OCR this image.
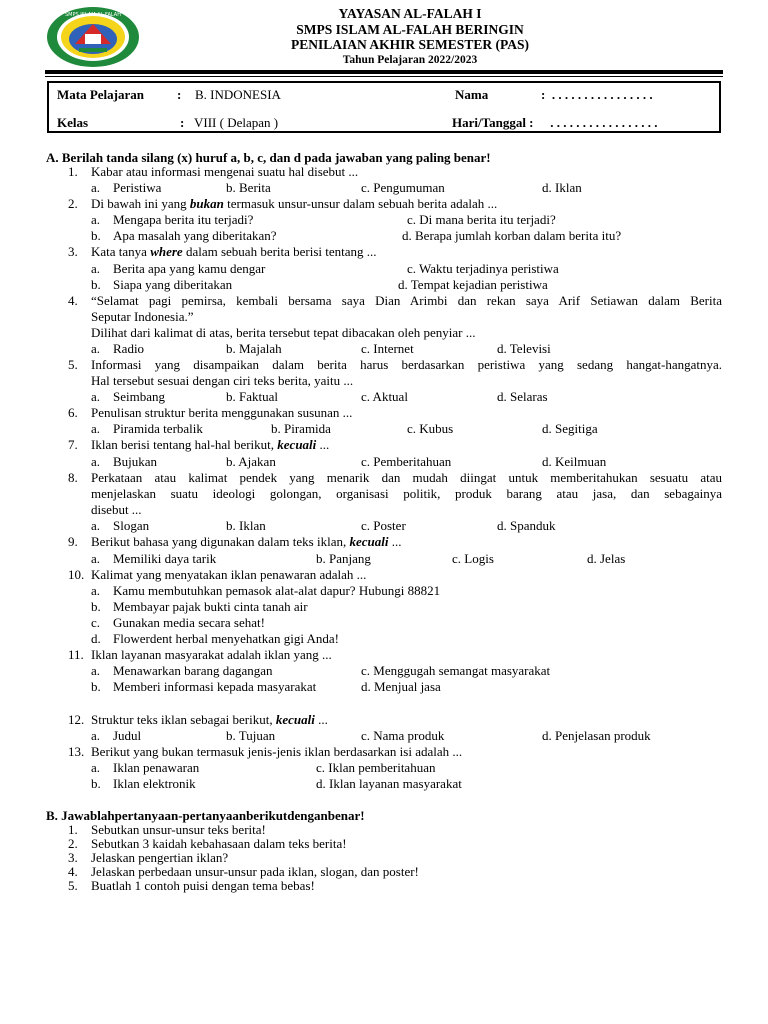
SMPS ISLAM AL-FALAH	YAYASAN AL-FALAH I
SMPS ISLAM AL-FALAH BERINGIN
PENILAIAN AKHIR SEMESTER (PAS)
Tahun Pelajaran 2022/2023
Mata Pelajaran	: B. INDONESIA	Nama	:  . . . . . . . . . . . . . . . .
Kelas	: VIII ( Delapan )	Hari/Tanggal : . . . . . . . . . . . . . . . . .
A. Berilah tanda silang (x) huruf a, b, c, dan d pada jawaban yang paling benar!
1. Kabar atau informasi mengenai suatu hal disebut ...
a. Peristiwa	b. Berita	c. Pengumuman	d. Iklan
2. Di bawah ini yang bukan termasuk unsur-unsur dalam sebuah berita adalah ...
a. Mengapa berita itu terjadi?	c. Di mana berita itu terjadi?
b. Apa masalah yang diberitakan?	d. Berapa jumlah korban dalam berita itu?
3. Kata tanya where dalam sebuah berita berisi tentang ...
a. Berita apa yang kamu dengar	c. Waktu terjadinya peristiwa
b. Siapa yang diberitakan	d. Tempat kejadian peristiwa
4. “Selamat pagi pemirsa, kembali bersama saya Dian Arimbi dan rekan saya Arif Setiawan dalam Berita
Seputar Indonesia.”
Dilihat dari kalimat di atas, berita tersebut tepat dibacakan oleh penyiar ...
a. Radio	b. Majalah	c. Internet	d. Televisi
5. Informasi yang disampaikan dalam berita harus berdasarkan peristiwa yang sedang hangat-hangatnya.
Hal tersebut sesuai dengan ciri teks berita, yaitu ...
a. Seimbang	b. Faktual	c. Aktual	d. Selaras
6. Penulisan struktur berita menggunakan susunan ...
a. Piramida terbalik	b. Piramida	c. Kubus	d. Segitiga
7. Iklan berisi tentang hal-hal berikut, kecuali ...
a. Bujukan	b. Ajakan	c. Pemberitahuan	d. Keilmuan
8. Perkataan atau kalimat pendek yang menarik dan mudah diingat untuk memberitahukan sesuatu atau
menjelaskan suatu ideologi golongan, organisasi politik, produk barang atau jasa, dan sebagainya
disebut ...
a. Slogan	b. Iklan	c. Poster	d. Spanduk
9. Berikut bahasa yang digunakan dalam teks iklan, kecuali ...
a. Memiliki daya tarik	b. Panjang	c. Logis	d. Jelas
10. Kalimat yang menyatakan iklan penawaran adalah ...
a. Kamu membutuhkan pemasok alat-alat dapur? Hubungi 88821
b. Membayar pajak bukti cinta tanah air
c. Gunakan media secara sehat!
d. Flowerdent herbal menyehatkan gigi Anda!
11. Iklan layanan masyarakat adalah iklan yang ...
a. Menawarkan barang dagangan	c. Menggugah semangat masyarakat
b. Memberi informasi kepada masyarakat	d. Menjual jasa
12. Struktur teks iklan sebagai berikut, kecuali ...
a. Judul	b. Tujuan	c. Nama produk	d. Penjelasan produk
13. Berikut yang bukan termasuk jenis-jenis iklan berdasarkan isi adalah ...
a. Iklan penawaran	c. Iklan pemberitahuan
b. Iklan elektronik	d. Iklan layanan masyarakat
B. Jawablahpertanyaan-pertanyaanberikutdenganbenar!
1. Sebutkan unsur-unsur teks berita!
2. Sebutkan 3 kaidah kebahasaan dalam teks berita!
3. Jelaskan pengertian iklan?
4. Jelaskan perbedaan unsur-unsur pada iklan, slogan, dan poster!
5. Buatlah 1 contoh puisi dengan tema bebas!
